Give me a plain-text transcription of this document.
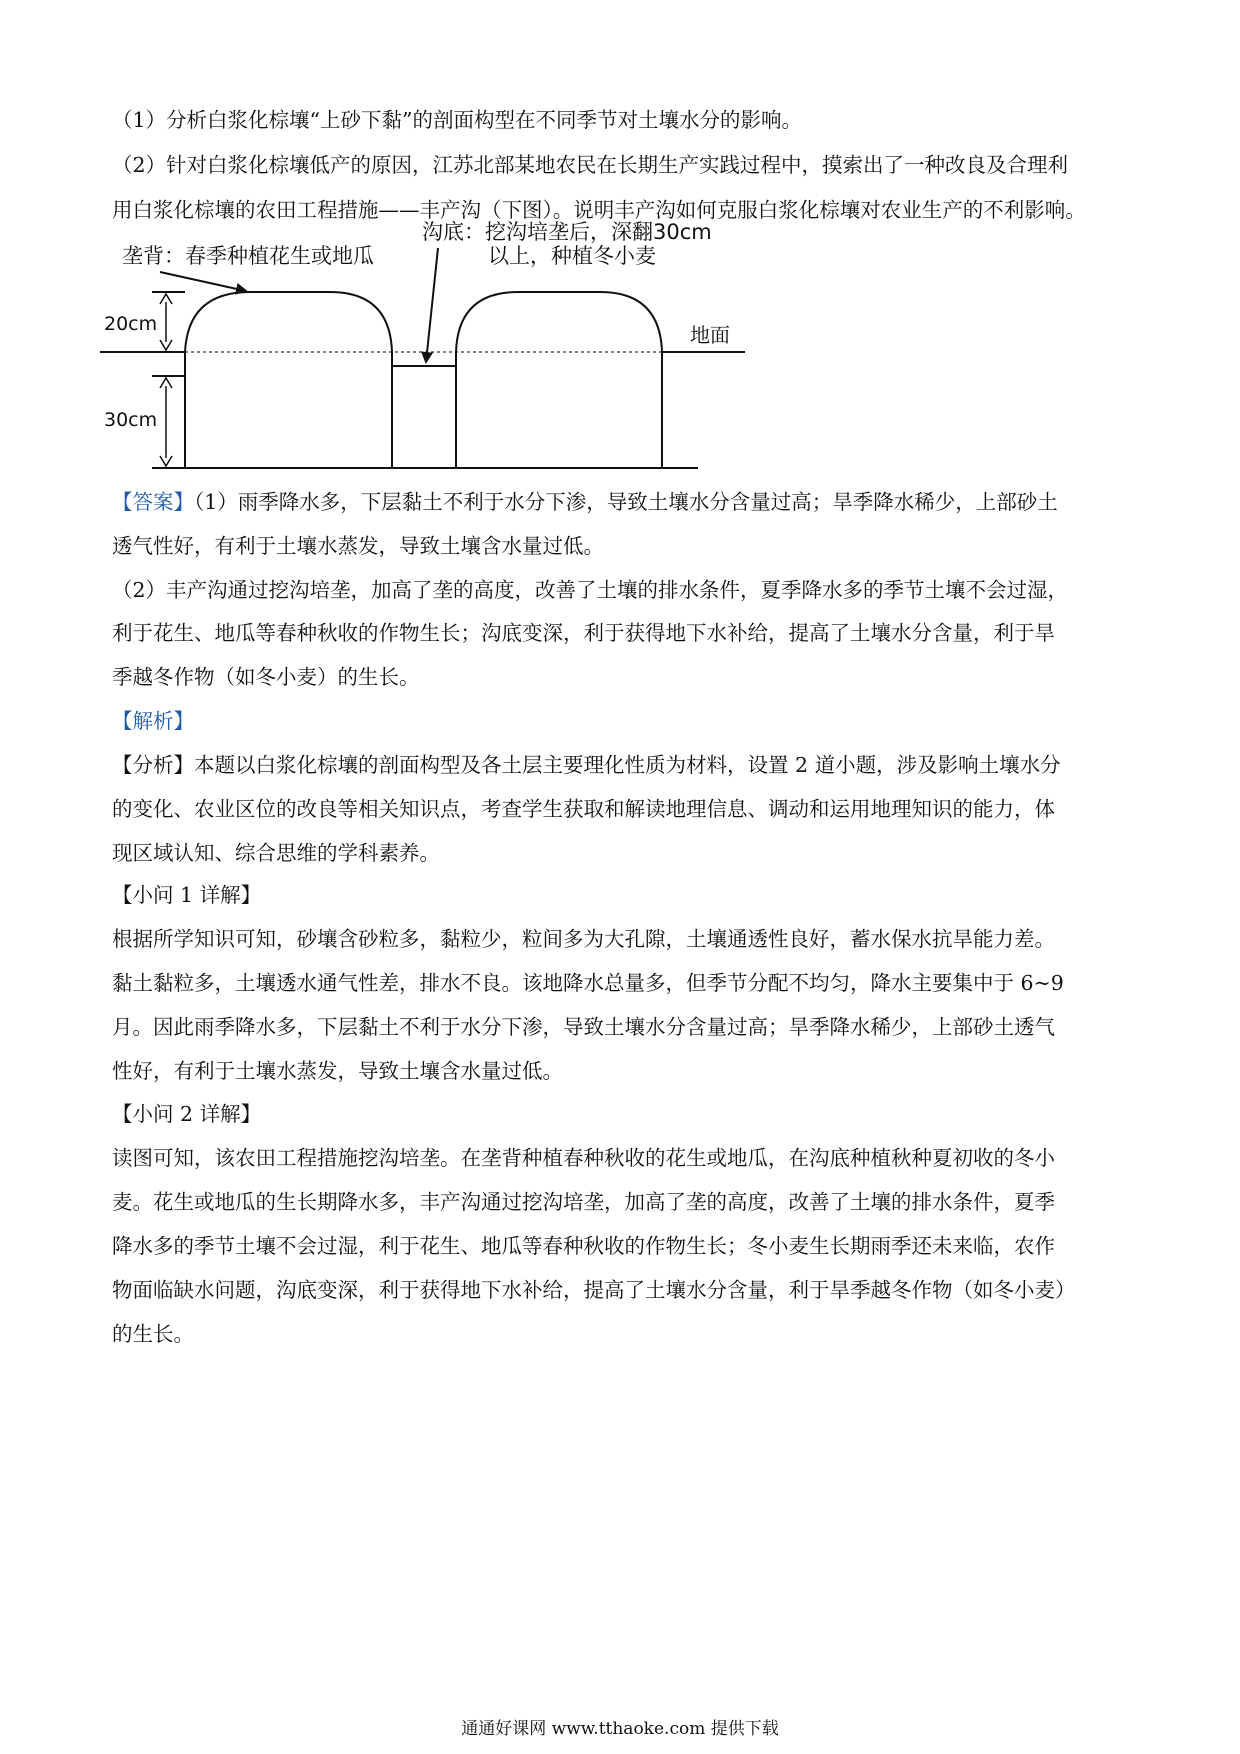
（1）分析白浆化棕壤“上砂下黏”的剖面构型在不同季节对土壤水分的影响。

（2）针对白浆化棕壤低产的原因，江苏北部某地农民在长期生产实践过程中，摸索出了一种改良及合理利

用白浆化棕壤的农田工程措施——丰产沟（下图）。说明丰产沟如何克服白浆化棕壤对农业生产的不利影响。

20cm
30cm
垄背：春季种植花生或地瓜
沟底：挖沟培垄后，深翻30cm
以上，种植冬小麦
地面

【答案】（1）雨季降水多，下层黏土不利于水分下渗，导致土壤水分含量过高；旱季降水稀少，上部砂土

透气性好，有利于土壤水蒸发，导致土壤含水量过低。

（2）丰产沟通过挖沟培垄，加高了垄的高度，改善了土壤的排水条件，夏季降水多的季节土壤不会过湿，

利于花生、地瓜等春种秋收的作物生长；沟底变深，利于获得地下水补给，提高了土壤水分含量，利于旱

季越冬作物（如冬小麦）的生长。

【解析】

【分析】本题以白浆化棕壤的剖面构型及各土层主要理化性质为材料，设置 2 道小题，涉及影响土壤水分

的变化、农业区位的改良等相关知识点，考查学生获取和解读地理信息、调动和运用地理知识的能力，体

现区域认知、综合思维的学科素养。

【小问 1 详解】

根据所学知识可知，砂壤含砂粒多，黏粒少，粒间多为大孔隙，土壤通透性良好，蓄水保水抗旱能力差。

黏土黏粒多，土壤透水通气性差，排水不良。该地降水总量多，但季节分配不均匀，降水主要集中于 6~9

月。因此雨季降水多，下层黏土不利于水分下渗，导致土壤水分含量过高；旱季降水稀少，上部砂土透气

性好，有利于土壤水蒸发，导致土壤含水量过低。

【小问 2 详解】

读图可知，该农田工程措施挖沟培垄。在垄背种植春种秋收的花生或地瓜，在沟底种植秋种夏初收的冬小

麦。花生或地瓜的生长期降水多，丰产沟通过挖沟培垄，加高了垄的高度，改善了土壤的排水条件，夏季

降水多的季节土壤不会过湿，利于花生、地瓜等春种秋收的作物生长；冬小麦生长期雨季还未来临，农作

物面临缺水问题，沟底变深，利于获得地下水补给，提高了土壤水分含量，利于旱季越冬作物（如冬小麦）

的生长。

通通好课网 www.tthaoke.com 提供下载
